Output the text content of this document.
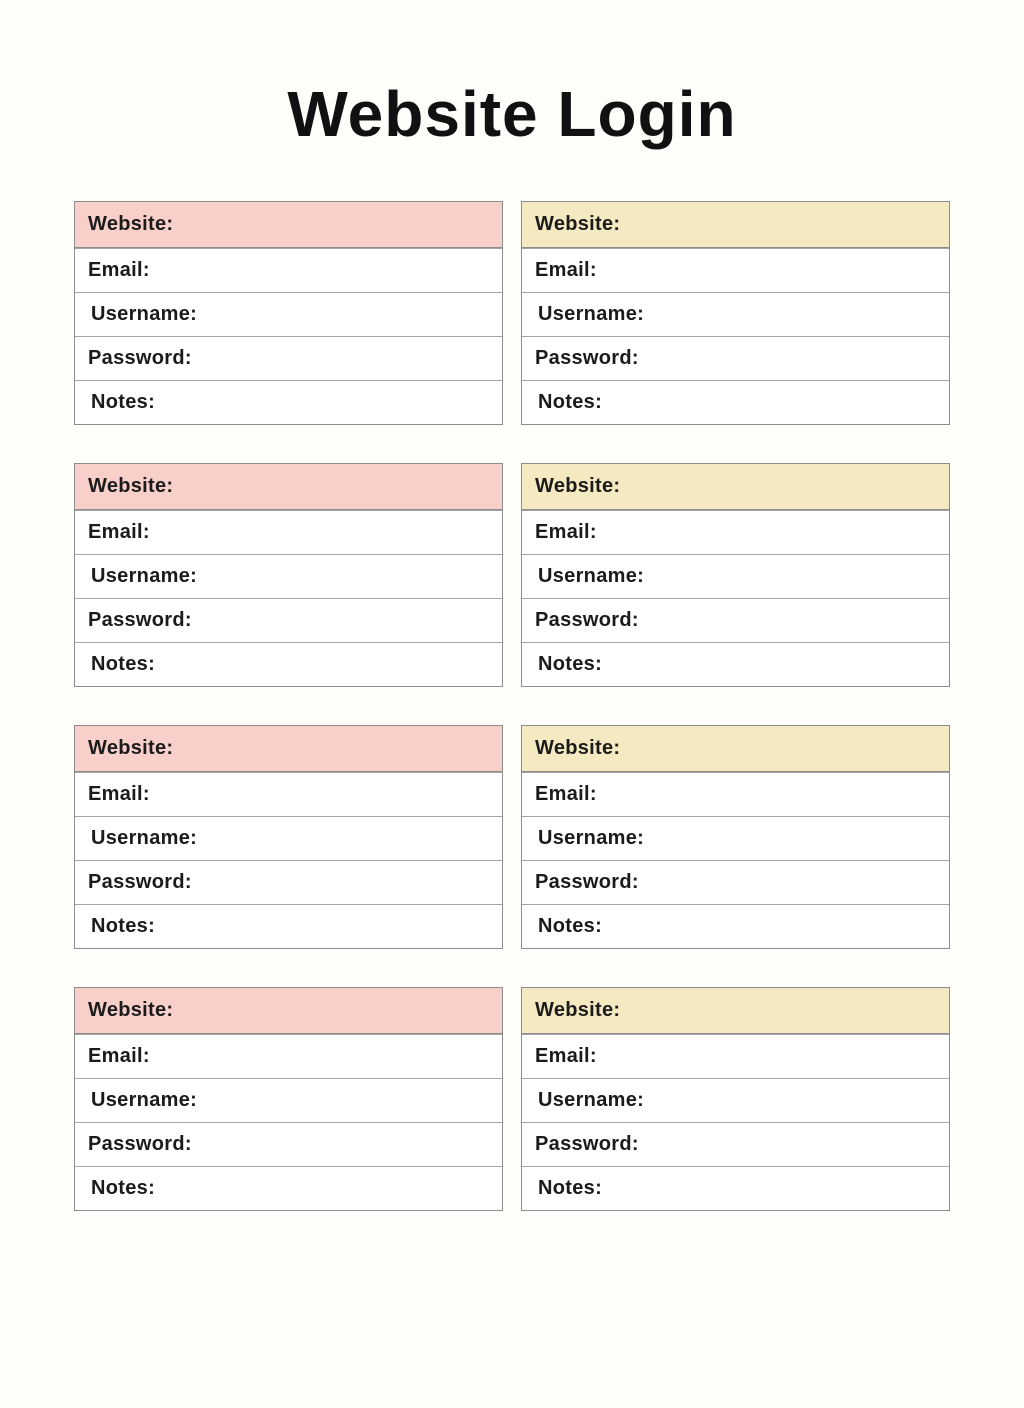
Website Login
Website:
Email:
Username:
Password:
Notes:
Website:
Email:
Username:
Password:
Notes:
Website:
Email:
Username:
Password:
Notes:
Website:
Email:
Username:
Password:
Notes:
Website:
Email:
Username:
Password:
Notes:
Website:
Email:
Username:
Password:
Notes:
Website:
Email:
Username:
Password:
Notes:
Website:
Email:
Username:
Password:
Notes:
